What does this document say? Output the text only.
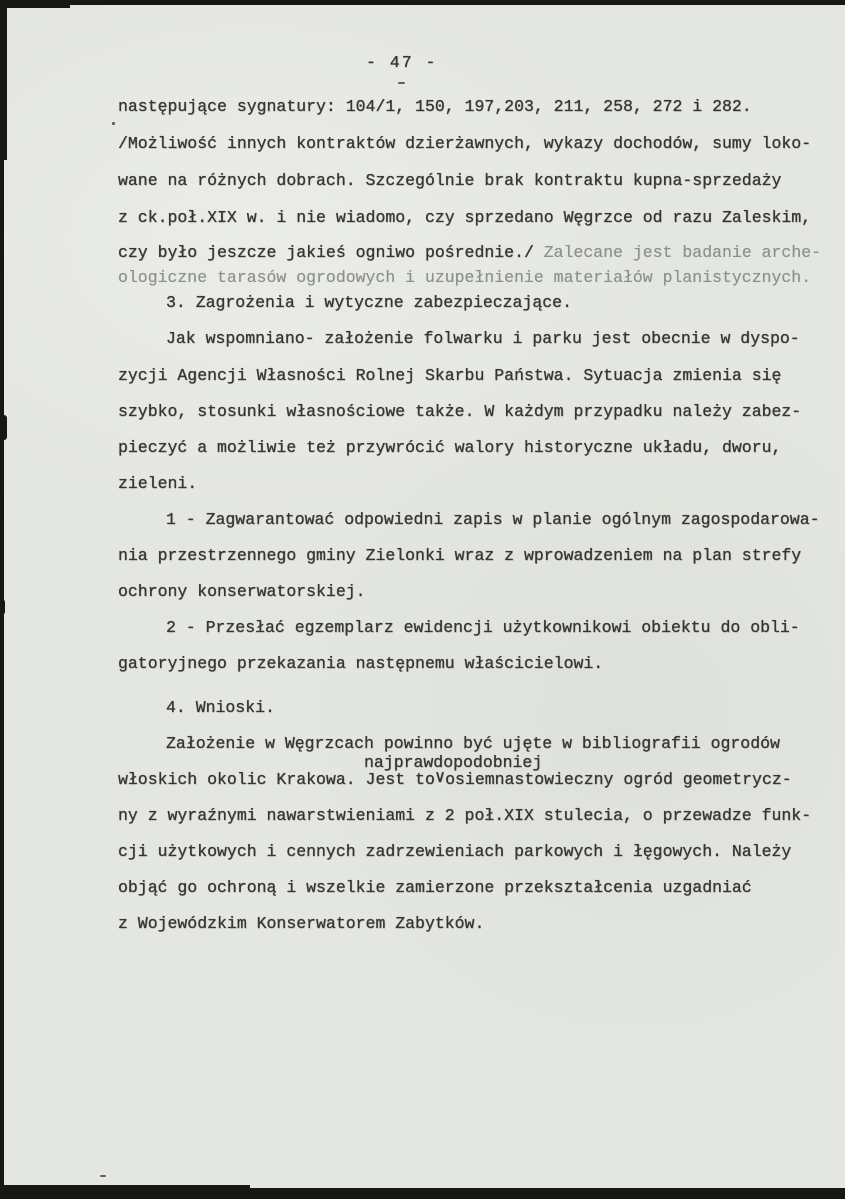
- 47 -
następujące sygnatury: 104/1, 150, 197,203, 211, 258, 272 i 282.
/Możliwość innych kontraktów dzierżawnych, wykazy dochodów, sumy loko-
wane na różnych dobrach. Szczególnie brak kontraktu kupna-sprzedaży
z ck.poł.XIX w. i nie wiadomo, czy sprzedano Węgrzce od razu Zaleskim,
czy było jeszcze jakieś ogniwo pośrednie./ Zalecane jest badanie arche-
ologiczne tarasów ogrodowych i uzupełnienie materiałów planistycznych.
3. Zagrożenia i wytyczne zabezpieczające.
Jak wspomniano- założenie folwarku i parku jest obecnie w dyspo-
zycji Agencji Własności Rolnej Skarbu Państwa. Sytuacja zmienia się
szybko, stosunki własnościowe także. W każdym przypadku należy zabez-
pieczyć a możliwie też przywrócić walory historyczne układu, dworu,
zieleni.
1 - Zagwarantować odpowiedni zapis w planie ogólnym zagospodarowa-
nia przestrzennego gminy Zielonki wraz z wprowadzeniem na plan strefy
ochrony konserwatorskiej.
2 - Przesłać egzemplarz ewidencji użytkownikowi obiektu do obli-
gatoryjnego przekazania następnemu właścicielowi.
4. Wnioski.
Założenie w Węgrzcach powinno być ujęte w bibliografii ogrodów
najprawdopodobniej
włoskich okolic Krakowa. Jest to∨osiemnastowieczny ogród geometrycz-
ny z wyraźnymi nawarstwieniami z 2 poł.XIX stulecia, o przewadze funk-
cji użytkowych i cennych zadrzewieniach parkowych i łęgowych. Należy
objąć go ochroną i wszelkie zamierzone przekształcenia uzgadniać
z Wojewódzkim Konserwatorem Zabytków.
